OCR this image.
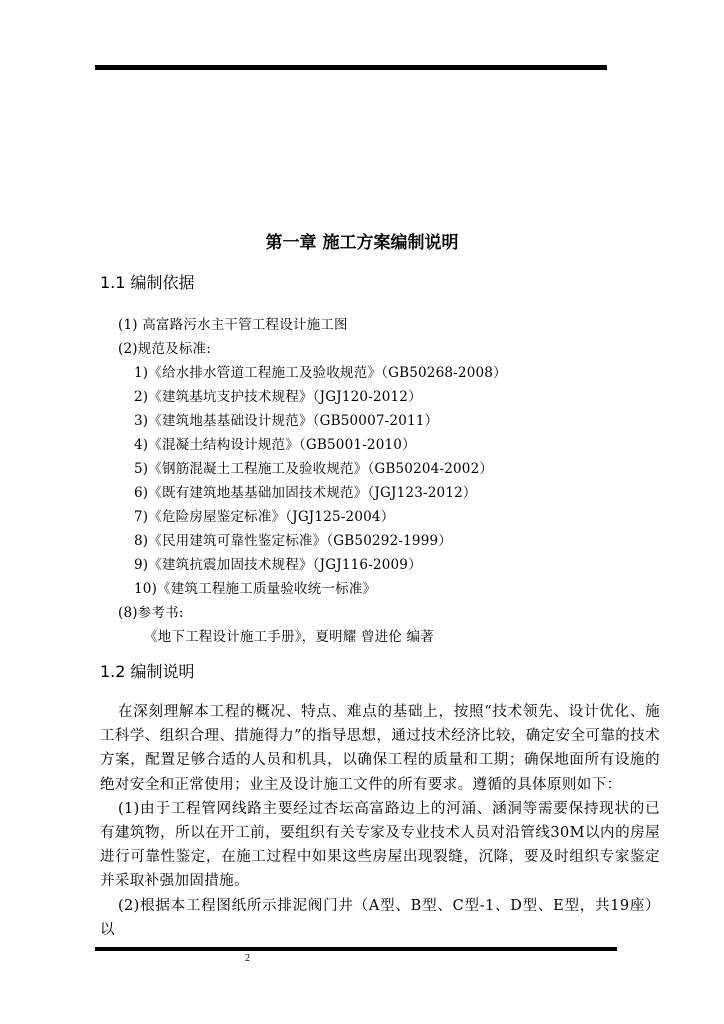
第一章 施工方案编制说明
1.1 编制依据
(1) 高富路污水主干管工程设计施工图
(2)规范及标准:
1)《给水排水管道工程施工及验收规范》（GB50268-2008）
2)《建筑基坑支护技术规程》（JGJ120-2012）
3)《建筑地基基础设计规范》（GB50007-2011）
4)《混凝土结构设计规范》（GB5001-2010）
5)《钢筋混凝土工程施工及验收规范》（GB50204-2002）
6)《既有建筑地基基础加固技术规范》（JGJ123-2012）
7)《危险房屋鉴定标准》（JGJ125-2004）
8)《民用建筑可靠性鉴定标准》（GB50292-1999）
9)《建筑抗震加固技术规程》（JGJ116-2009）
10)《建筑工程施工质量验收统一标准》
(8)参考书:
《地下工程设计施工手册》，夏明耀 曾进伦 编著
1.2 编制说明

在深刻理解本工程的概况、特点、难点的基础上，按照“技术领先、设计优化、施工科学、组织合理、措施得力”的指导思想，通过技术经济比较，确定安全可靠的技术方案，配置足够合适的人员和机具，以确保工程的质量和工期；确保地面所有设施的绝对安全和正常使用；业主及设计施工文件的所有要求。遵循的具体原则如下：

(1)由于工程管网线路主要经过杏坛高富路边上的河涌、涵洞等需要保持现状的已有建筑物，所以在开工前，要组织有关专家及专业技术人员对沿管线30M以内的房屋进行可靠性鉴定，在施工过程中如果这些房屋出现裂缝，沉降，要及时组织专家鉴定并采取补强加固措施。

(2)根据本工程图纸所示排泥阀门井（A型、B型、C型-1、D型、E型，共19座）以

2
